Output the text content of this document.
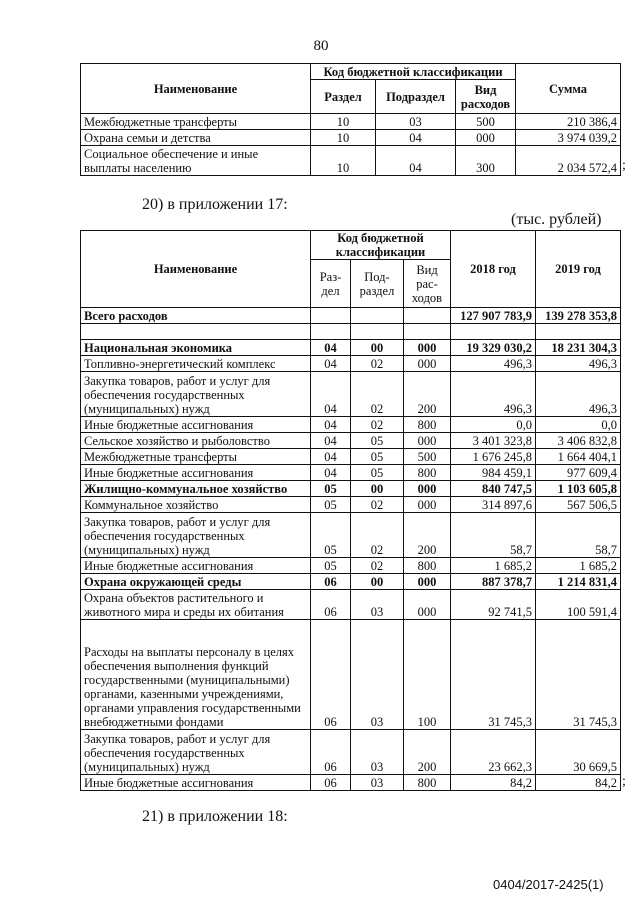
80
Наименование	Код бюджетной классификации			Сумма
	Раздел	Подраздел	Вид расходов	
Межбюджетные трансферты	10	03	500	210 386,4
Охрана семьи и детства	10	04	000	3 974 039,2
Социальное обеспечение и иные выплаты населению	10	04	300	2 034 572,4 ;
20) в приложении 17:
(тыс. рублей)
Наименование	Код бюджетной классификации			2018 год	2019 год
	Раз-дел	Под-раздел	Вид рас-ходов		
Всего расходов				127 907 783,9	139 278 353,8

Национальная экономика	04	00	000	19 329 030,2	18 231 304,3
Топливно-энергетический комплекс	04	02	000	496,3	496,3
Закупка товаров, работ и услуг для обеспечения государственных (муниципальных) нужд	04	02	200	496,3	496,3
Иные бюджетные ассигнования	04	02	800	0,0	0,0
Сельское хозяйство и рыболовство	04	05	000	3 401 323,8	3 406 832,8
Межбюджетные трансферты	04	05	500	1 676 245,8	1 664 404,1
Иные бюджетные ассигнования	04	05	800	984 459,1	977 609,4
Жилищно-коммунальное хозяйство	05	00	000	840 747,5	1 103 605,8
Коммунальное хозяйство	05	02	000	314 897,6	567 506,5
Закупка товаров, работ и услуг для обеспечения государственных (муниципальных) нужд	05	02	200	58,7	58,7
Иные бюджетные ассигнования	05	02	800	1 685,2	1 685,2
Охрана окружающей среды	06	00	000	887 378,7	1 214 831,4
Охрана объектов растительного и животного мира и среды их обитания	06	03	000	92 741,5	100 591,4
Расходы на выплаты персоналу в целях обеспечения выполнения функций государственными (муниципальными) органами, казенными учреждениями, органами управления государственными внебюджетными фондами	06	03	100	31 745,3	31 745,3
Закупка товаров, работ и услуг для обеспечения государственных (муниципальных) нужд	06	03	200	23 662,3	30 669,5
Иные бюджетные ассигнования	06	03	800	84,2	84,2 ;
21) в приложении 18:
0404/2017-2425(1)
